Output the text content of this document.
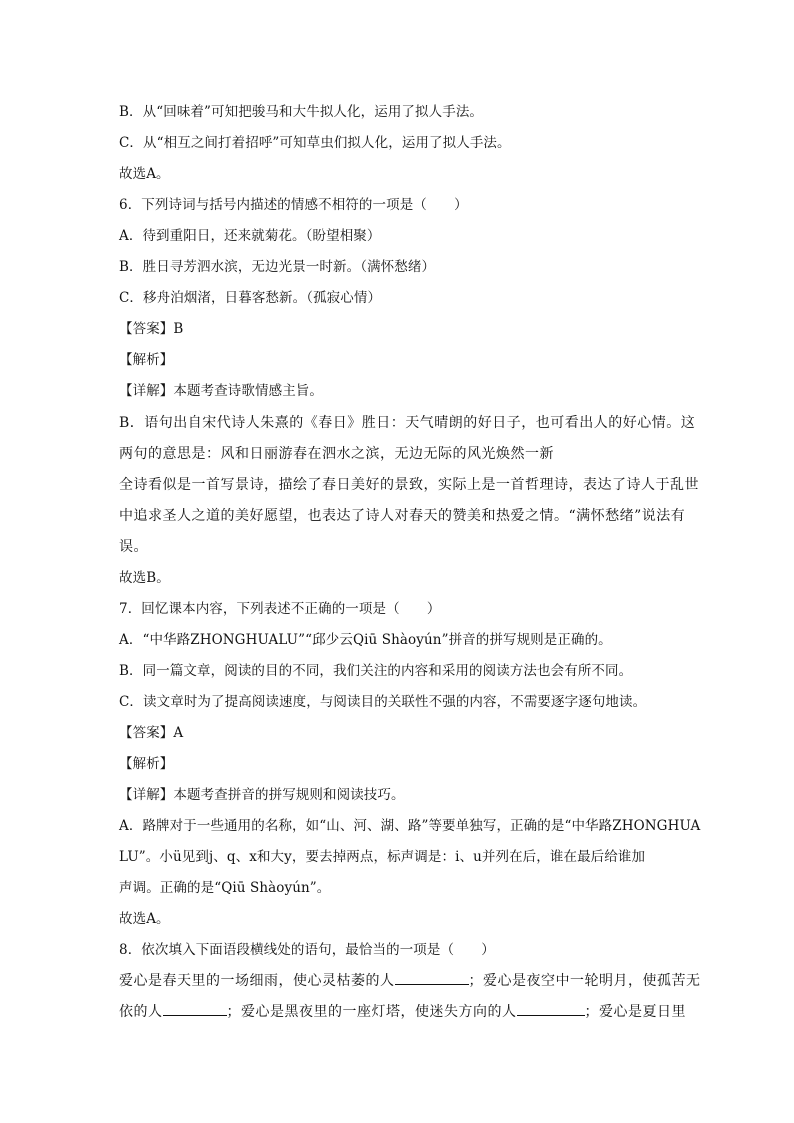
B．从“回味着”可知把骏马和大牛拟人化，运用了拟人手法。
C．从“相互之间打着招呼”可知草虫们拟人化，运用了拟人手法。
故选A。
6．下列诗词与括号内描述的情感不相符的一项是（　　）
A．待到重阳日，还来就菊花。（盼望相聚）
B．胜日寻芳泗水滨，无边光景一时新。（满怀愁绪）
C．移舟泊烟渚，日暮客愁新。（孤寂心情）
【答案】B
【解析】
【详解】本题考查诗歌情感主旨。
B．语句出自宋代诗人朱熹的《春日》胜日：天气晴朗的好日子，也可看出人的好心情。这
两句的意思是：风和日丽游春在泗水之滨，无边无际的风光焕然一新
全诗看似是一首写景诗，描绘了春日美好的景致，实际上是一首哲理诗，表达了诗人于乱世
中追求圣人之道的美好愿望，也表达了诗人对春天的赞美和热爱之情。“满怀愁绪”说法有
误。
故选B。
7．回忆课本内容，下列表述不正确的一项是（　　）
A．“中华路ZHONGHUALU”“邱少云Qiū Shàoyún”拼音的拼写规则是正确的。
B．同一篇文章，阅读的目的不同，我们关注的内容和采用的阅读方法也会有所不同。
C．读文章时为了提高阅读速度，与阅读目的关联性不强的内容，不需要逐字逐句地读。
【答案】A
【解析】
【详解】本题考查拼音的拼写规则和阅读技巧。
A．路牌对于一些通用的名称，如“山、河、湖、路”等要单独写，正确的是“中华路ZHONGHUA
LU”。小ü见到j、q、x和大y，要去掉两点，标声调是：i、u并列在后，谁在最后给谁加
声调。正确的是“Qiū Shàoyún”。
故选A。
8．依次填入下面语段横线处的语句，最恰当的一项是（　　）
爱心是春天里的一场细雨，使心灵枯萎的人	；爱心是夜空中一轮明月，使孤苦无
依的人	；爱心是黑夜里的一座灯塔，使迷失方向的人	；爱心是夏日里
